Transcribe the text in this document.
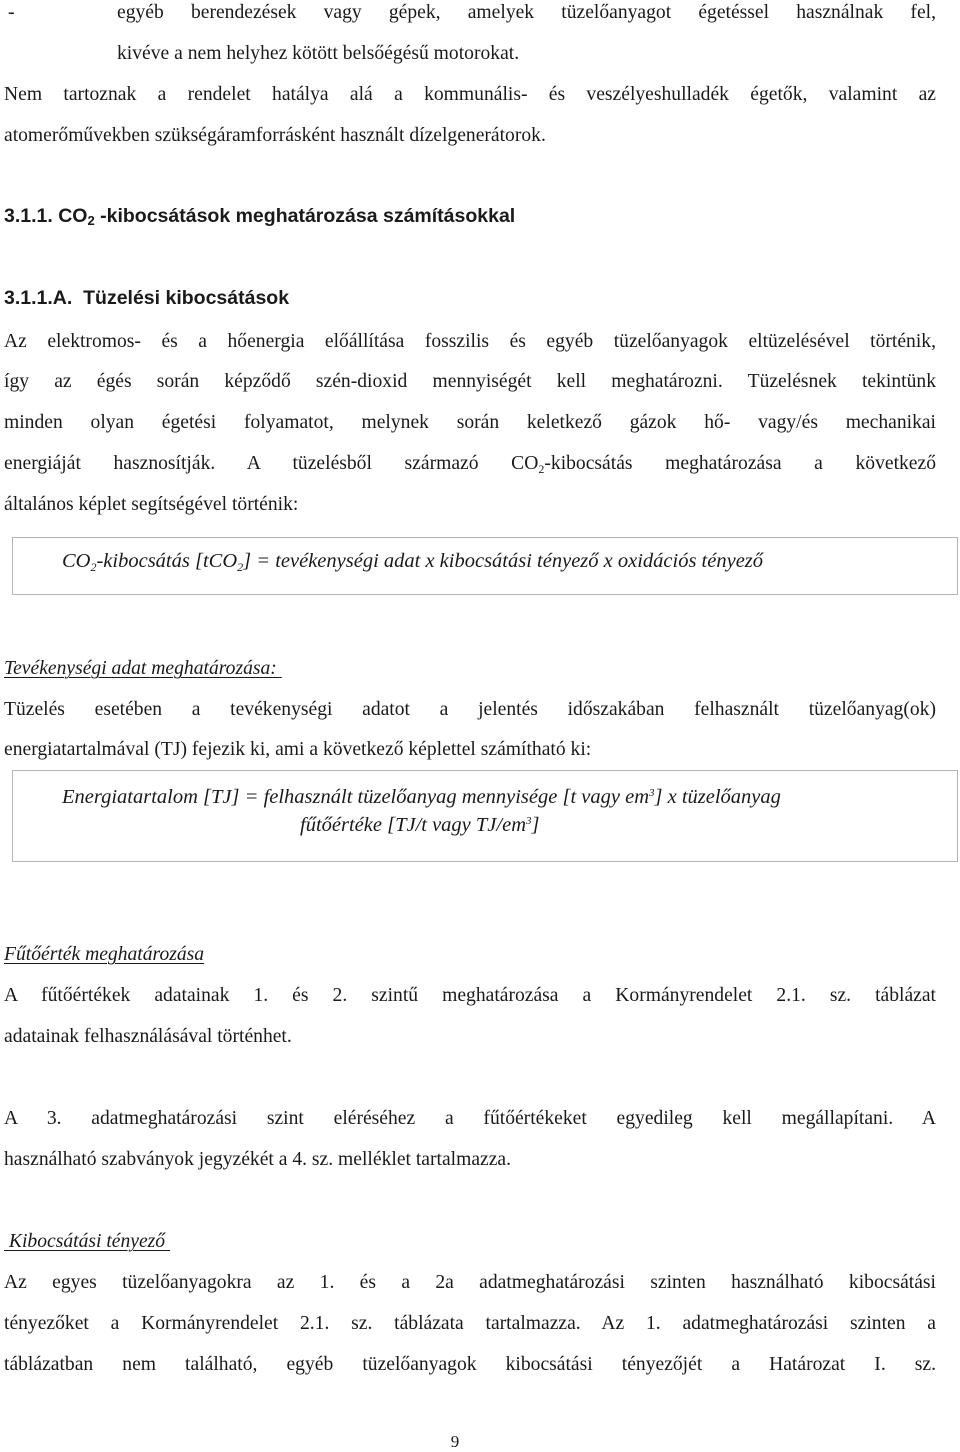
-	egyéb berendezések vagy gépek, amelyek tüzelőanyagot égetéssel használnak fel,
kivéve a nem helyhez kötött belsőégésű motorokat.
Nem tartoznak a rendelet hatálya alá a kommunális- és veszélyeshulladék égetők, valamint az
atomerőművekben szükségáramforrásként használt dízelgenerátorok.
3.1.1. $CO_2$ -kibocsátások meghatározása számításokkal
3.1.1.A.  Tüzelési kibocsátások
Az elektromos- és a hőenergia előállítása fosszilis és egyéb tüzelőanyagok eltüzelésével történik,
így az égés során képződő szén-dioxid mennyiségét kell meghatározni. Tüzelésnek tekintünk
minden olyan égetési folyamatot, melynek során keletkező gázok hő- vagy/és mechanikai
energiáját hasznosítják. A tüzelésből származó $CO_2$-kibocsátás meghatározása a következő
általános képlet segítségével történik:
$CO_2$-kibocsátás [tCO$_2$] = tevékenységi adat x kibocsátási tényező x oxidációs tényező
Tevékenységi adat meghatározása:
Tüzelés esetében a tevékenységi adatot a jelentés időszakában felhasznált tüzelőanyag(ok)
energiatartalmával (TJ) fejezik ki, ami a következő képlettel számítható ki:
Energiatartalom [TJ] = felhasznált tüzelőanyag mennyisége [t vagy $em^3$] x tüzelőanyag
fűtőértéke [TJ/t vagy $TJ/em^3$]
Fűtőérték meghatározása
A fűtőértékek adatainak 1. és 2. szintű meghatározása a Kormányrendelet 2.1. sz. táblázat
adatainak felhasználásával történhet.
A 3. adatmeghatározási szint eléréséhez a fűtőértékeket egyedileg kell megállapítani. A
használható szabványok jegyzékét a 4. sz. melléklet tartalmazza.
Kibocsátási tényező
Az egyes tüzelőanyagokra az 1. és a 2a adatmeghatározási szinten használható kibocsátási
tényezőket a Kormányrendelet 2.1. sz. táblázata tartalmazza. Az 1. adatmeghatározási szinten a
táblázatban nem található, egyéb tüzelőanyagok kibocsátási tényezőjét a Határozat I. sz.
9
